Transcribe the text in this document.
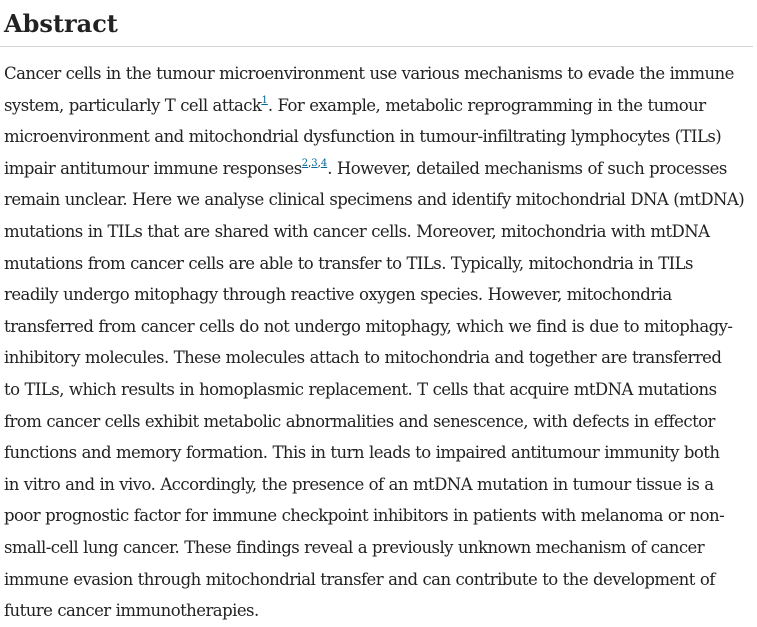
Abstract

Cancer cells in the tumour microenvironment use various mechanisms to evade the immune
system, particularly T cell attack$^1$. For example, metabolic reprogramming in the tumour
microenvironment and mitochondrial dysfunction in tumour-infiltrating lymphocytes (TILs)
impair antitumour immune responses$^{2,3,4}$. However, detailed mechanisms of such processes
remain unclear. Here we analyse clinical specimens and identify mitochondrial DNA (mtDNA)
mutations in TILs that are shared with cancer cells. Moreover, mitochondria with mtDNA
mutations from cancer cells are able to transfer to TILs. Typically, mitochondria in TILs
readily undergo mitophagy through reactive oxygen species. However, mitochondria
transferred from cancer cells do not undergo mitophagy, which we find is due to mitophagy-
inhibitory molecules. These molecules attach to mitochondria and together are transferred
to TILs, which results in homoplasmic replacement. T cells that acquire mtDNA mutations
from cancer cells exhibit metabolic abnormalities and senescence, with defects in effector
functions and memory formation. This in turn leads to impaired antitumour immunity both
in vitro and in vivo. Accordingly, the presence of an mtDNA mutation in tumour tissue is a
poor prognostic factor for immune checkpoint inhibitors in patients with melanoma or non-
small-cell lung cancer. These findings reveal a previously unknown mechanism of cancer
immune evasion through mitochondrial transfer and can contribute to the development of
future cancer immunotherapies.
